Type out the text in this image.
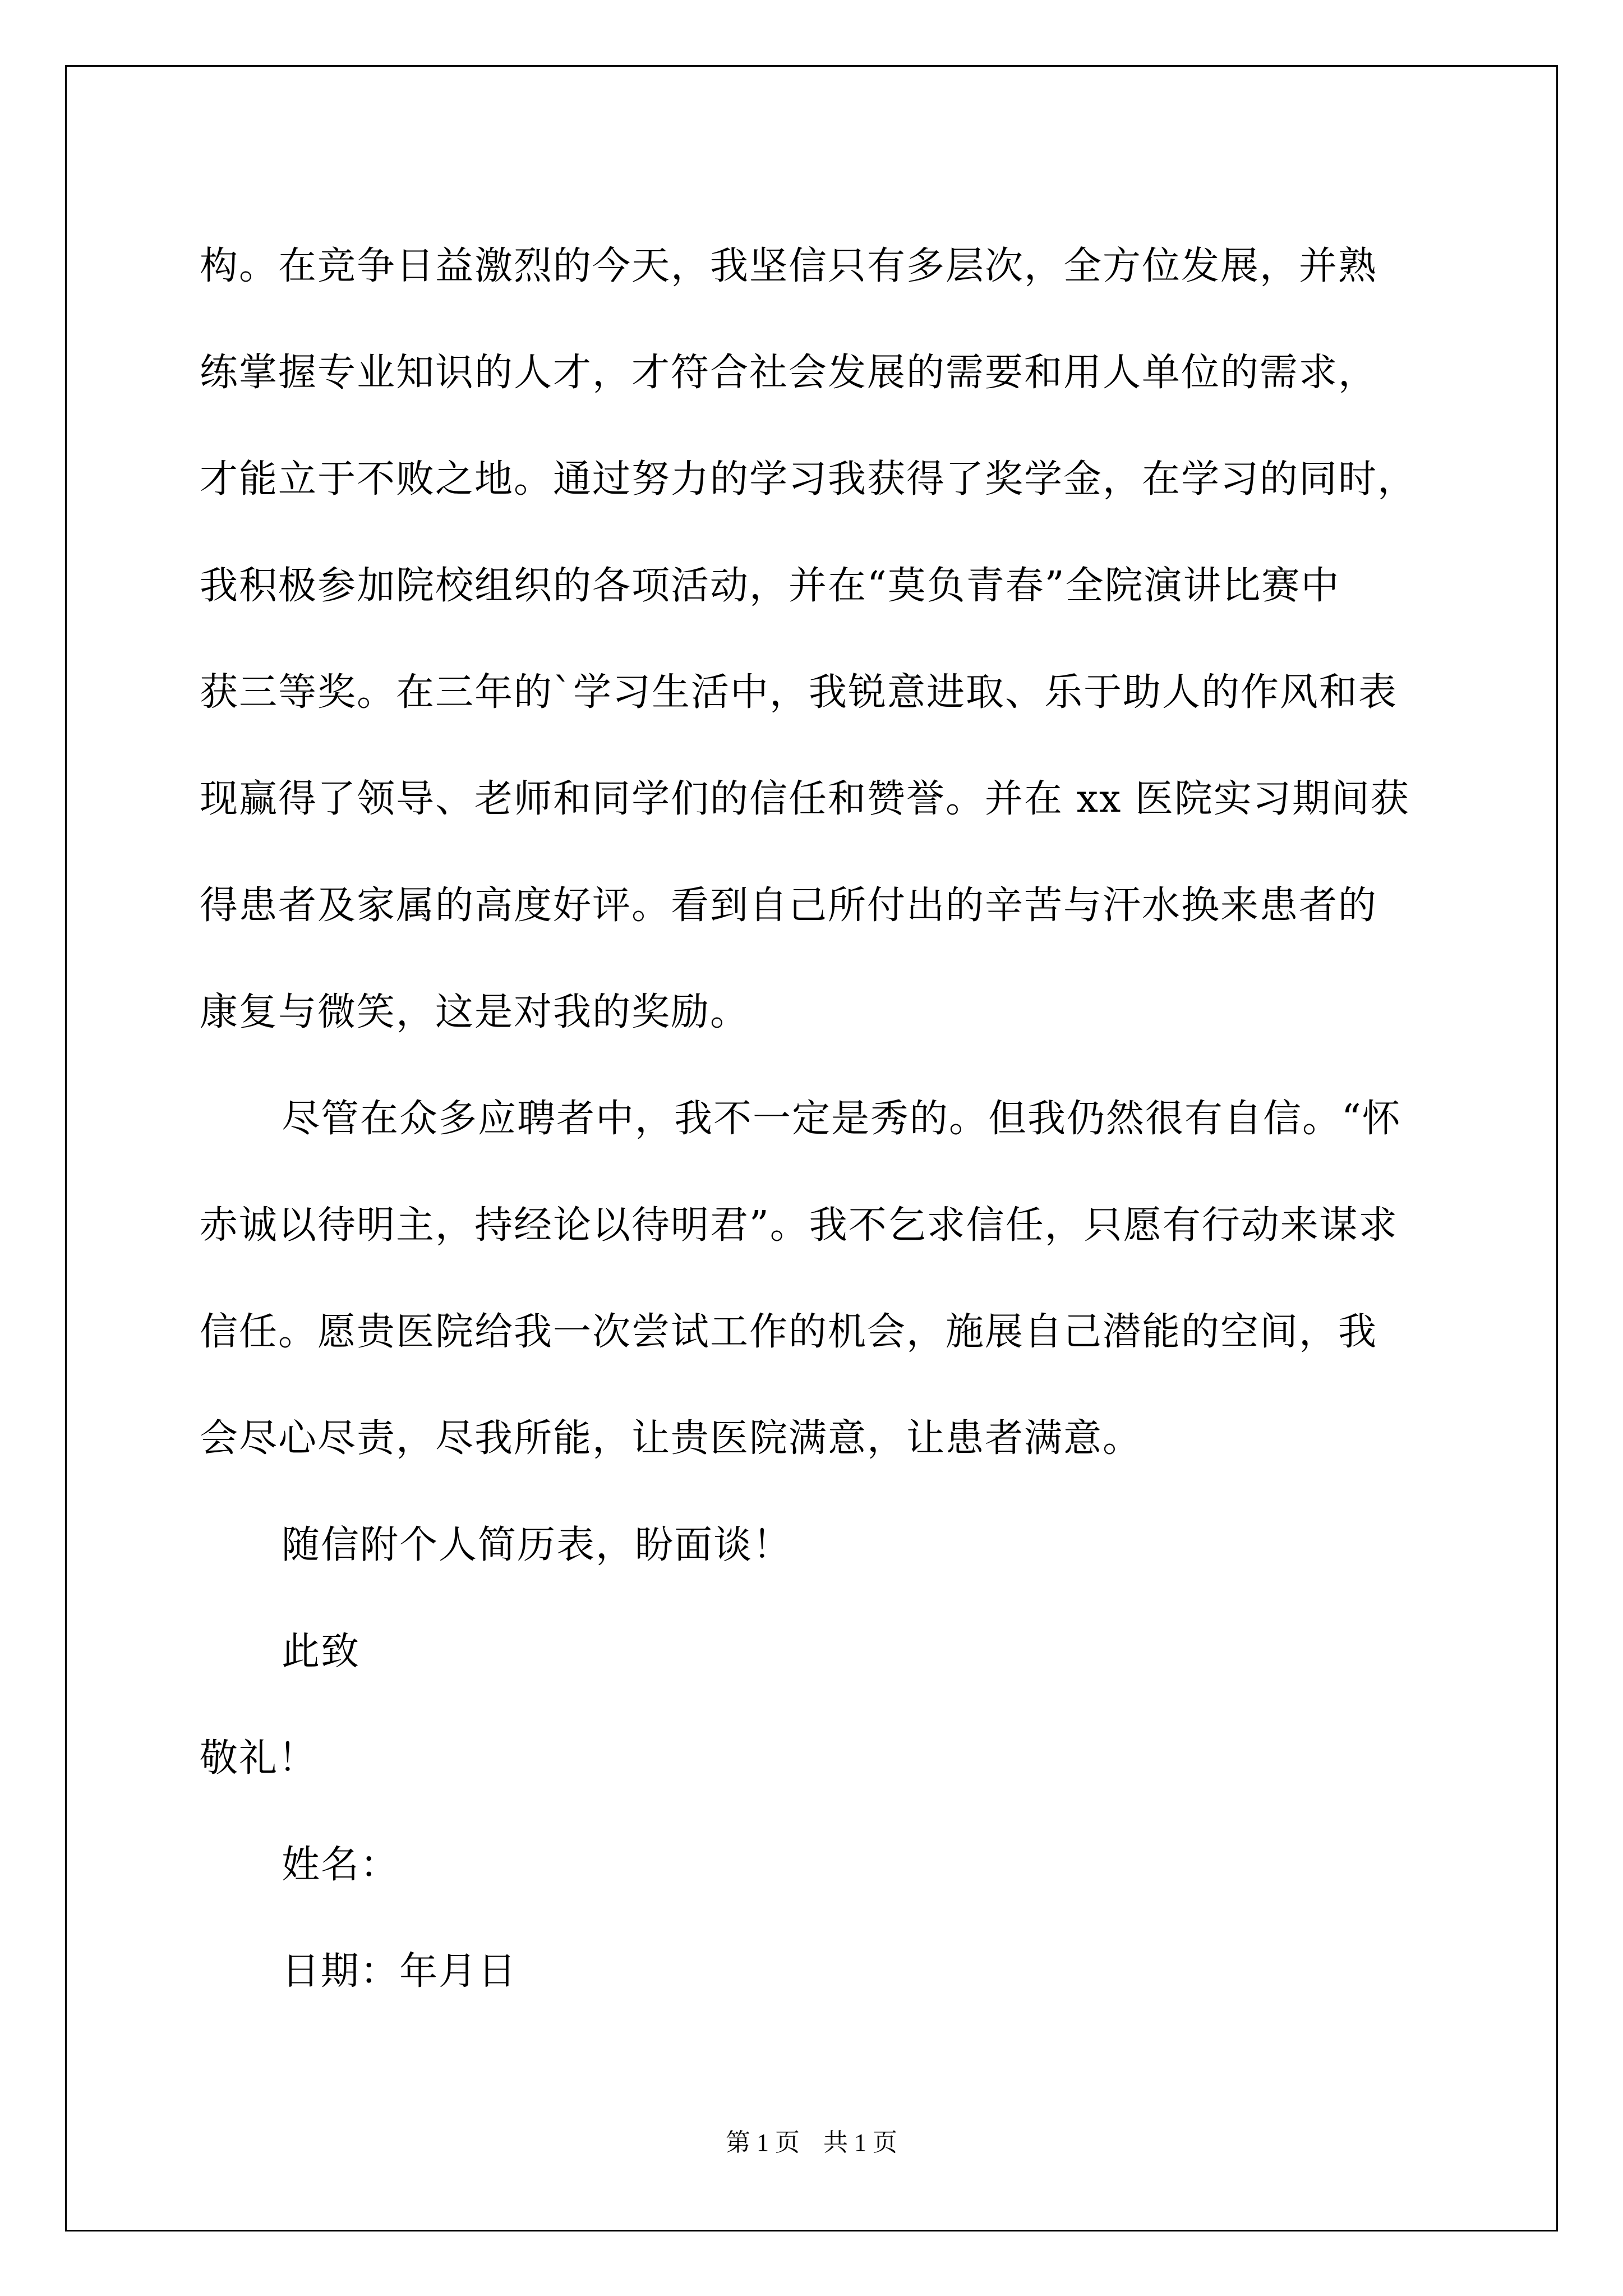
构。在竞争日益激烈的今天，我坚信只有多层次，全方位发展，并熟
练掌握专业知识的人才，才符合社会发展的需要和用人单位的需求，
才能立于不败之地。通过努力的学习我获得了奖学金，在学习的同时，
我积极参加院校组织的各项活动，并在“莫负青春”全院演讲比赛中
获三等奖。在三年的`学习生活中，我锐意进取、乐于助人的作风和表
现赢得了领导、老师和同学们的信任和赞誉。并在 xx 医院实习期间获
得患者及家属的高度好评。看到自己所付出的辛苦与汗水换来患者的
康复与微笑，这是对我的奖励。
尽管在众多应聘者中，我不一定是秀的。但我仍然很有自信。“怀
赤诚以待明主，持经论以待明君”。我不乞求信任，只愿有行动来谋求
信任。愿贵医院给我一次尝试工作的机会，施展自己潜能的空间，我
会尽心尽责，尽我所能，让贵医院满意，让患者满意。
随信附个人简历表，盼面谈！
此致
敬礼！
姓名：
日期：年月日
第 1 页 共 1 页
